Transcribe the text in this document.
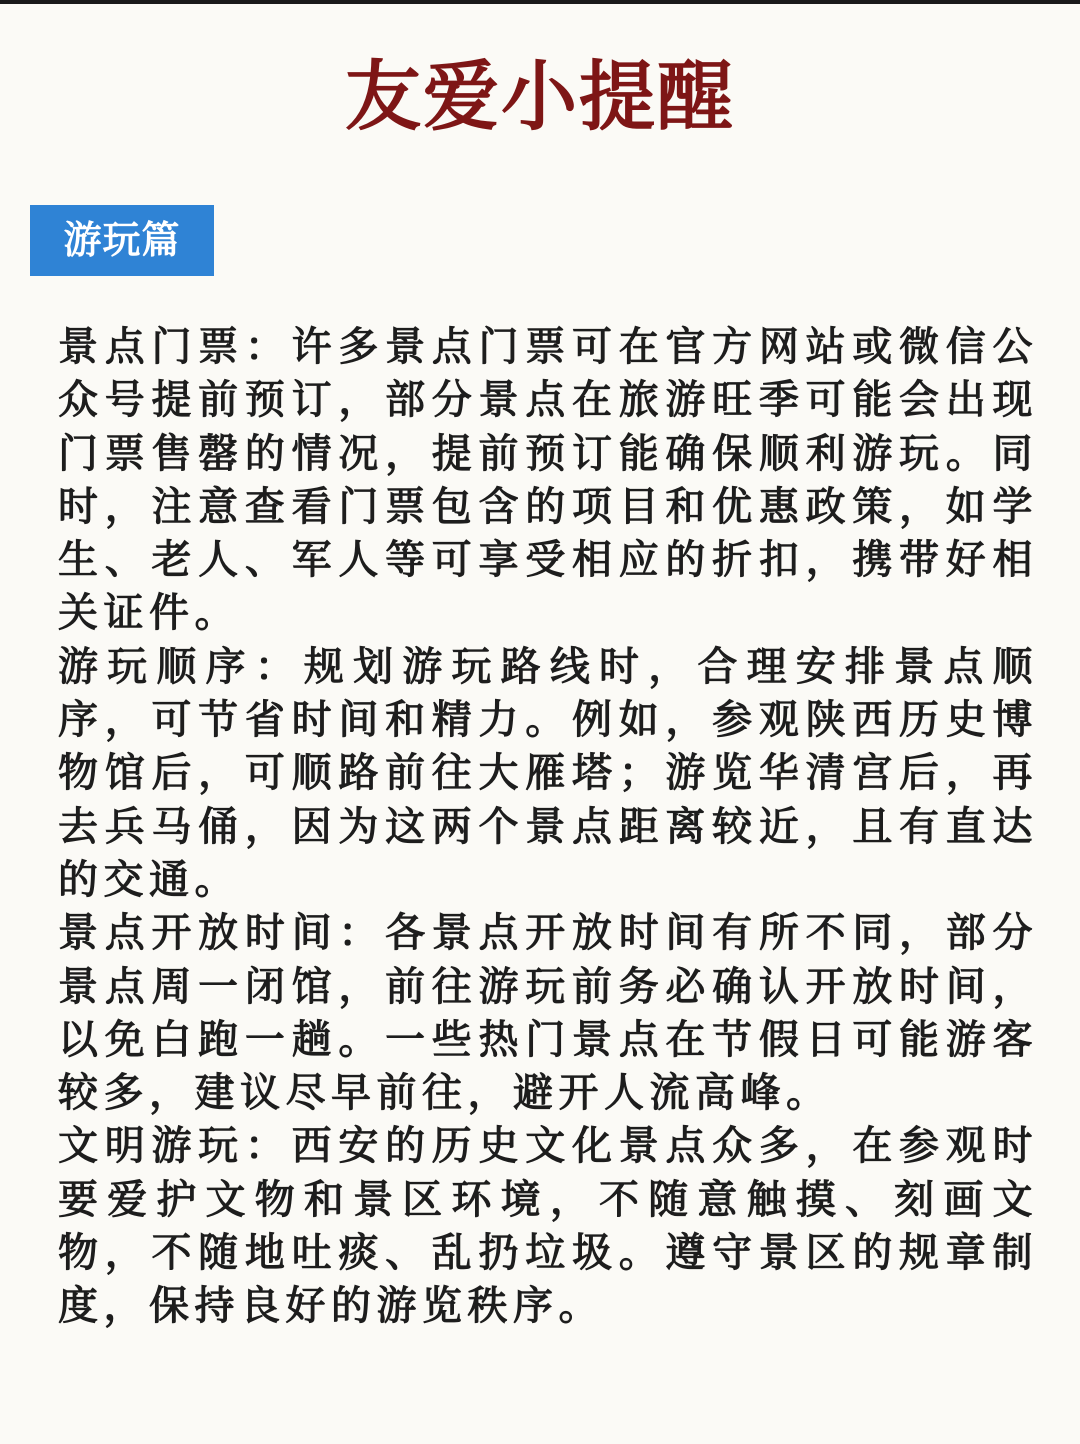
友爱小提醒
游玩篇

景点门票：许多景点门票可在官方网站或微信公众号提前预订，部分景点在旅游旺季可能会出现门票售罄的情况，提前预订能确保顺利游玩。同时，注意查看门票包含的项目和优惠政策，如学生、老人、军人等可享受相应的折扣，携带好相关证件。

游玩顺序：规划游玩路线时，合理安排景点顺序，可节省时间和精力。例如，参观陕西历史博物馆后，可顺路前往大雁塔；游览华清宫后，再去兵马俑，因为这两个景点距离较近，且有直达的交通。

景点开放时间：各景点开放时间有所不同，部分景点周一闭馆，前往游玩前务必确认开放时间，以免白跑一趟。一些热门景点在节假日可能游客较多，建议尽早前往，避开人流高峰。

文明游玩：西安的历史文化景点众多，在参观时要爱护文物和景区环境，不随意触摸、刻画文物，不随地吐痰、乱扔垃圾。遵守景区的规章制度，保持良好的游览秩序。
